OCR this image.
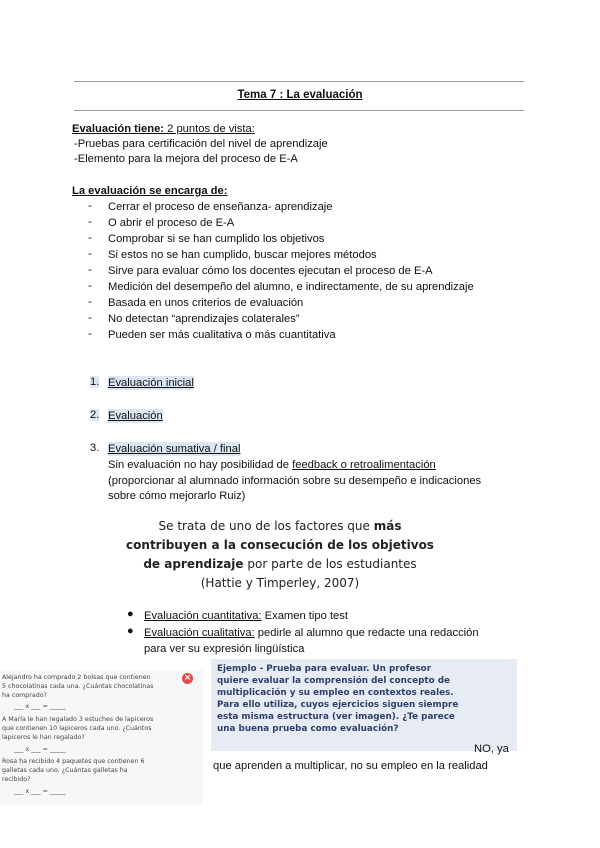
Tema 7 : La evaluación
Evaluación tiene: 2 puntos de vista:
-Pruebas para certificación del nivel de aprendizaje
-Elemento para la mejora del proceso de E-A
La evaluación se encarga de:
- Cerrar el proceso de enseñanza- aprendizaje
- O abrir el proceso de E-A
- Comprobar si se han cumplido los objetivos
- Si estos no se han cumplido, buscar mejores métodos
- Sirve para evaluar cómo los docentes ejecutan el proceso de E-A
- Medición del desempeño del alumno, e indirectamente, de su aprendizaje
- Basada en unos criterios de evaluación
- No detectan “aprendizajes colaterales”
- Pueden ser más cualitativa o más cuantitativa
1. Evaluación inicial
2. Evaluación
3. Evaluación sumativa / final
Sin evaluación no hay posibilidad de feedback o retroalimentación
(proporcionar al alumnado información sobre su desempeño e indicaciones
sobre cómo mejorarlo Ruiz)
Se trata de uno de los factores que más
contribuyen a la consecución de los objetivos
de aprendizaje por parte de los estudiantes
(Hattie y Timperley, 2007)
● Evaluación cuantitativa: Examen tipo test
● Evaluación cualitativa: pedirle al alumno que redacte una redacción
para ver su expresión lingüística
×
Alejandro ha comprado 2 bolsas que contienen
5 chocolatinas cada una. ¿Cuántas chocolatinas
ha comprado?
___ x ___ = _____
A María le han regalado 3 estuches de lapiceros
que contienen 10 lapiceros cada uno. ¿Cuántos
lapiceros le han regalado?
___ x ___ = _____
Rosa ha recibido 4 paquetes que contienen 6
galletas cada uno. ¿Cuántas galletas ha
recibido?
___ x ___ = _____
Ejemplo - Prueba para evaluar. Un profesor
quiere evaluar la comprensión del concepto de
multiplicación y su empleo en contextos reales.
Para ello utiliza, cuyos ejercicios siguen siempre
esta misma estructura (ver imagen). ¿Te parece
una buena prueba como evaluación?
NO, ya
que aprenden a multiplicar, no su empleo en la realidad
